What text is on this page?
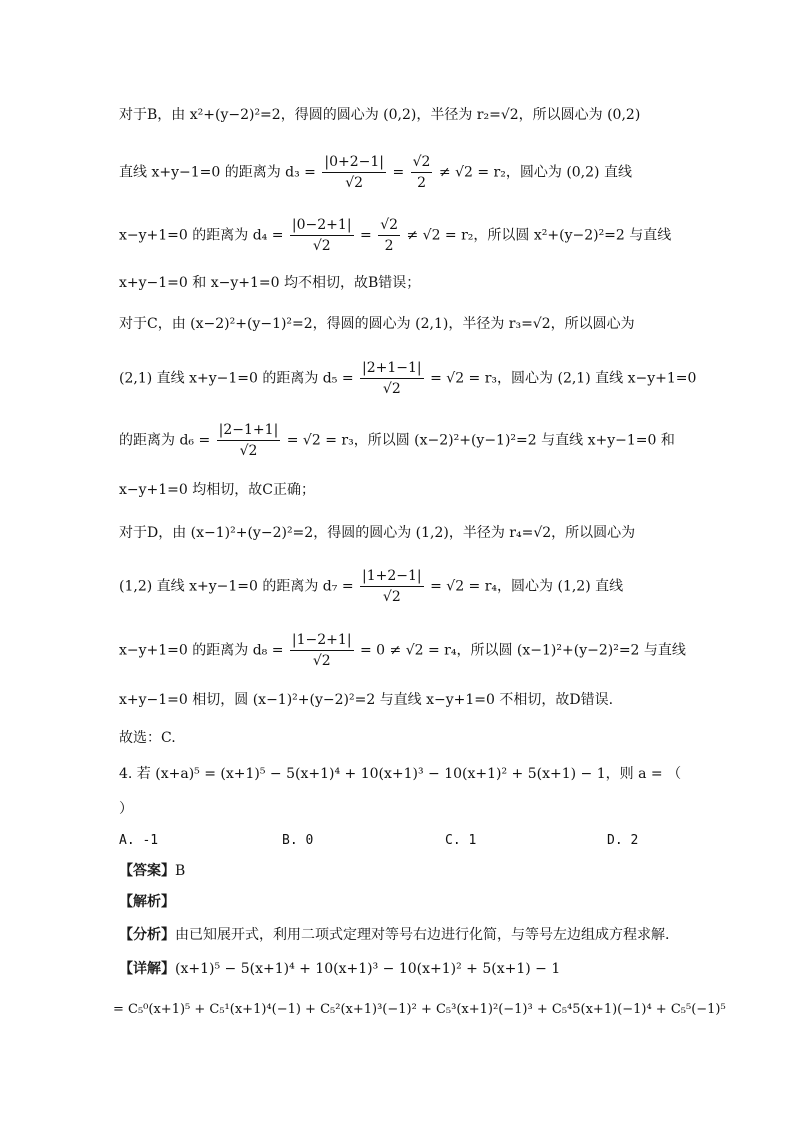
对于B，由 x²+(y−2)²=2，得圆的圆心为 (0,2)，半径为 r₂=√2，所以圆心为 (0,2)
直线 x+y−1=0 的距离为 $d_3 = \frac{|0+2-1|}{√2} = \frac{√2}{2} \ne √2 = r_2$，圆心为 (0,2) 直线
x−y+1=0 的距离为 $d_4 = \frac{|0-2+1|}{√2} = \frac{√2}{2} \ne √2 = r_2$，所以圆 x²+(y−2)²=2 与直线
x+y−1=0 和 x−y+1=0 均不相切，故B错误；
对于C，由 (x−2)²+(y−1)²=2，得圆的圆心为 (2,1)，半径为 r₃=√2，所以圆心为
(2,1) 直线 x+y−1=0 的距离为 $d_5 = \frac{|2+1-1|}{√2} = √2 = r_3$，圆心为 (2,1) 直线 x−y+1=0
的距离为 $d_6 = \frac{|2-1+1|}{√2} = √2 = r_3$，所以圆 (x−2)²+(y−1)²=2 与直线 x+y−1=0 和
x−y+1=0 均相切，故C正确；
对于D，由 (x−1)²+(y−2)²=2，得圆的圆心为 (1,2)，半径为 r₄=√2，所以圆心为
(1,2) 直线 x+y−1=0 的距离为 $d_7 = \frac{|1+2-1|}{√2} = √2 = r_4$，圆心为 (1,2) 直线
x−y+1=0 的距离为 $d_8 = \frac{|1-2+1|}{√2} = 0 \ne √2 = r_4$，所以圆 (x−1)²+(y−2)²=2 与直线
x+y−1=0 相切，圆 (x−1)²+(y−2)²=2 与直线 x−y+1=0 不相切，故D错误.
故选：C.
4. 若 (x+a)⁵ = (x+1)⁵ − 5(x+1)⁴ + 10(x+1)³ − 10(x+1)² + 5(x+1) − 1，则 a = （
）
A. -1	B. 0	C. 1	D. 2
【答案】B
【解析】
【分析】由已知展开式，利用二项式定理对等号右边进行化简，与等号左边组成方程求解.
【详解】(x+1)⁵ − 5(x+1)⁴ + 10(x+1)³ − 10(x+1)² + 5(x+1) − 1
= C₅⁰(x+1)⁵ + C₅¹(x+1)⁴(−1) + C₅²(x+1)³(−1)² + C₅³(x+1)²(−1)³ + C₅⁴5(x+1)(−1)⁴ + C₅⁵(−1)⁵
